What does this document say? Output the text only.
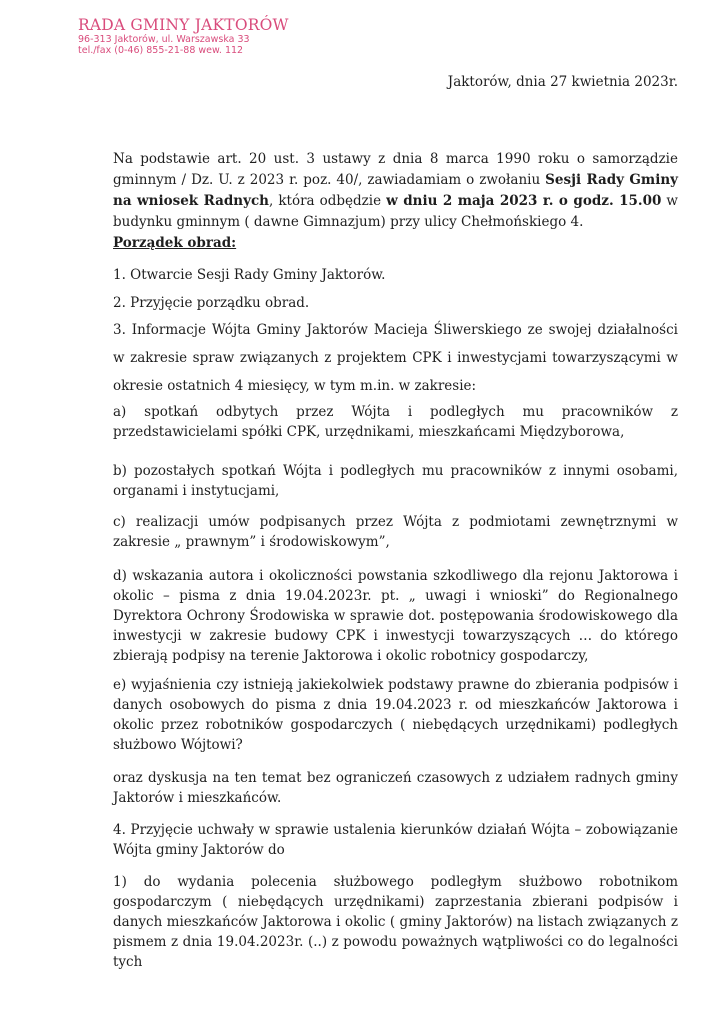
RADA GMINY JAKTORÓW
96-313 Jaktorów, ul. Warszawska 33
tel./fax (0-46) 855-21-88 wew. 112
Jaktorów, dnia 27 kwietnia 2023r.

Na podstawie art. 20 ust. 3 ustawy z dnia 8 marca 1990 roku o samorządzie gminnym / Dz. U. z 2023 r. poz. 40/, zawiadamiam o zwołaniu Sesji Rady Gminy na wniosek Radnych, która odbędzie w dniu 2 maja 2023 r. o godz. 15.00 w budynku gminnym ( dawne Gimnazjum) przy ulicy Chełmońskiego 4.

Porządek obrad:

1. Otwarcie Sesji Rady Gminy Jaktorów.

2. Przyjęcie porządku obrad.

3. Informacje Wójta Gminy Jaktorów Macieja Śliwerskiego ze swojej działalności w zakresie spraw związanych z projektem CPK i inwestycjami towarzyszącymi w okresie ostatnich 4 miesięcy, w tym m.in. w zakresie:

a) spotkań odbytych przez Wójta i podległych mu pracowników z przedstawicielami spółki CPK, urzędnikami, mieszkańcami Międzyborowa,

b) pozostałych spotkań Wójta i podległych mu pracowników z innymi osobami, organami i instytucjami,

c) realizacji umów podpisanych przez Wójta z podmiotami zewnętrznymi w zakresie „ prawnym” i środowiskowym”,

d) wskazania autora i okoliczności powstania szkodliwego dla rejonu Jaktorowa i okolic – pisma z dnia 19.04.2023r. pt. „ uwagi i wnioski” do Regionalnego Dyrektora Ochrony Środowiska w sprawie dot. postępowania środowiskowego dla inwestycji w zakresie budowy CPK i inwestycji towarzyszących … do którego zbierają podpisy na terenie Jaktorowa i okolic robotnicy gospodarczy,

e) wyjaśnienia czy istnieją jakiekolwiek podstawy prawne do zbierania podpisów i danych osobowych do pisma z dnia 19.04.2023 r. od mieszkańców Jaktorowa i okolic przez robotników gospodarczych ( niebędących urzędnikami) podległych służbowo Wójtowi?

oraz dyskusja na ten temat bez ograniczeń czasowych z udziałem radnych gminy Jaktorów i mieszkańców.

4. Przyjęcie uchwały w sprawie ustalenia kierunków działań Wójta – zobowiązanie Wójta gminy Jaktorów do

1) do wydania polecenia służbowego podległym służbowo robotnikom gospodarczym ( niebędących urzędnikami) zaprzestania zbierani podpisów i danych mieszkańców Jaktorowa i okolic ( gminy Jaktorów) na listach związanych z pismem z dnia 19.04.2023r. (..) z powodu poważnych wątpliwości co do legalności tych
